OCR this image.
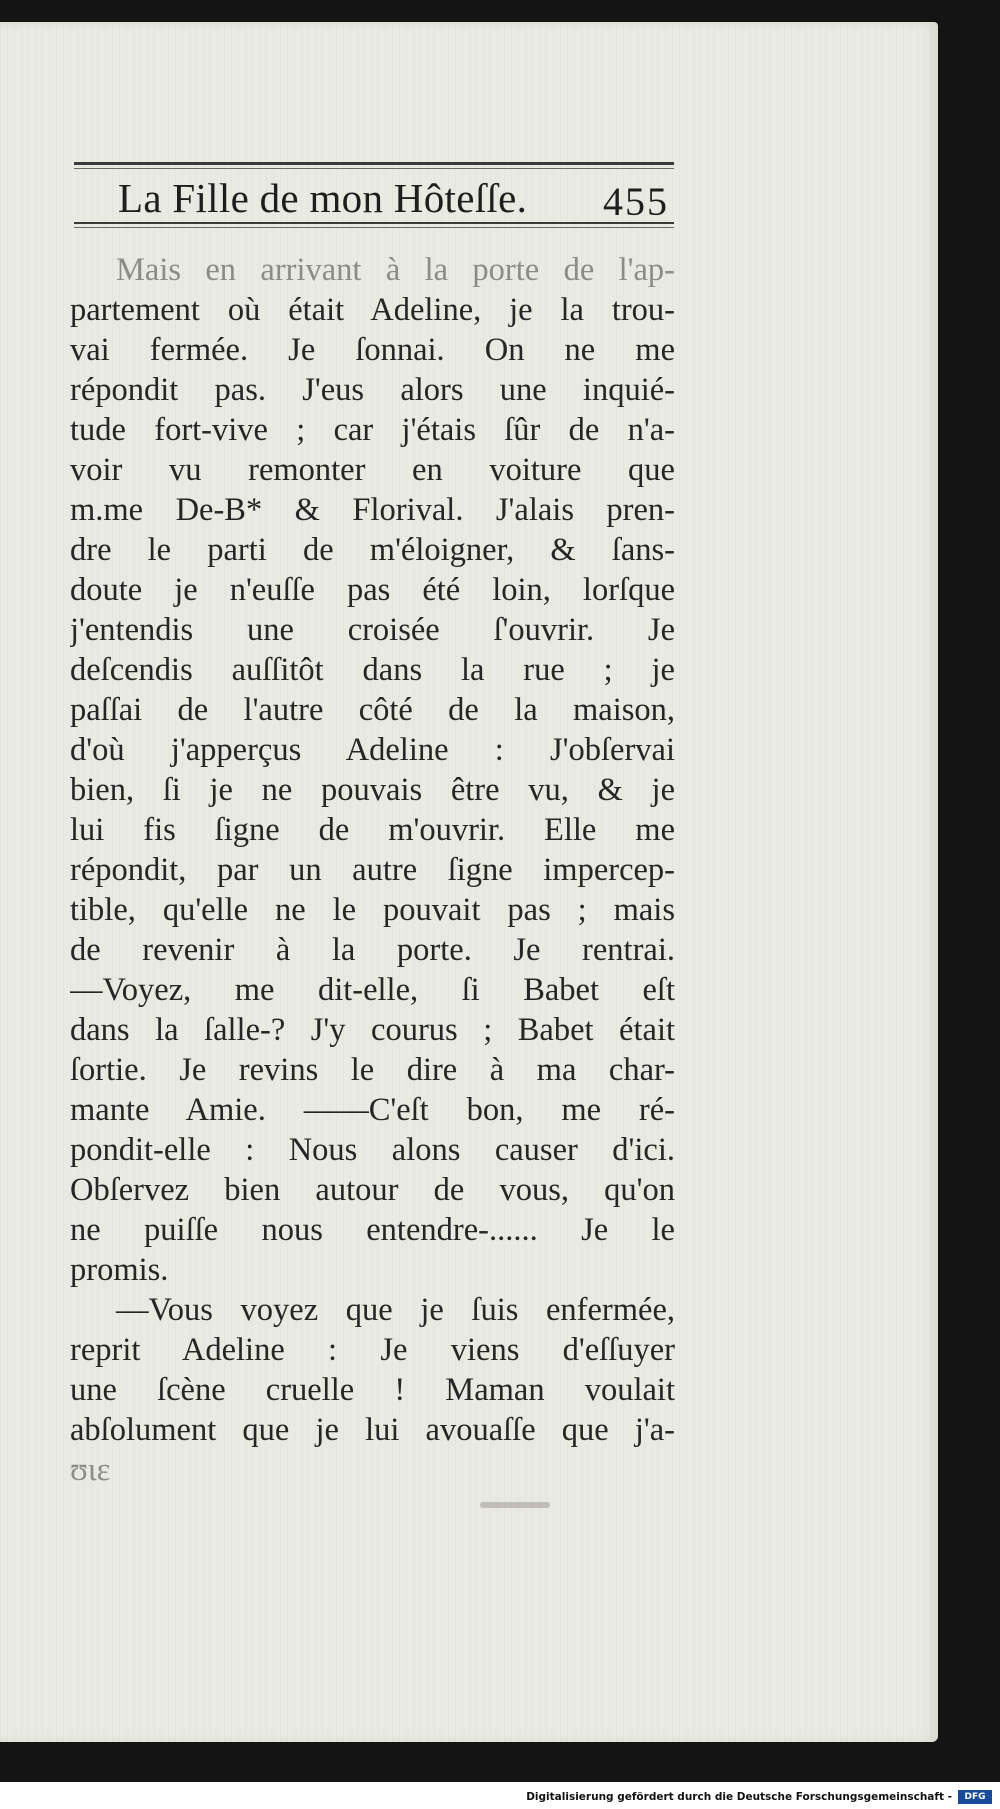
La Fille de mon Hôteſſe. 455
Mais en arrivant à la porte de l'ap-
partement où était Adeline, je la trou-
vai fermée. Je ſonnai. On ne me
répondit pas. J'eus alors une inquié-
tude fort-vive ; car j'étais ſûr de n'a-
voir vu remonter en voiture que
m.me De-B* & Florival. J'alais pren-
dre le parti de m'éloigner, & ſans-
doute je n'euſſe pas été loin, lorſque
j'entendis une croisée ſ'ouvrir. Je
deſcendis auſſitôt dans la rue ; je
paſſai de l'autre côté de la maison,
d'où j'apperçus Adeline : J'obſervai
bien, ſi je ne pouvais être vu, & je
lui fis ſigne de m'ouvrir. Elle me
répondit, par un autre ſigne impercep-
tible, qu'elle ne le pouvait pas ; mais
de revenir à la porte. Je rentrai.
—Voyez, me dit-elle, ſi Babet eſt
dans la ſalle-? J'y courus ; Babet était
ſortie. Je revins le dire à ma char-
mante Amie. ——C'eſt bon, me ré-
pondit-elle : Nous alons causer d'ici.
Obſervez bien autour de vous, qu'on
ne puiſſe nous entendre-...... Je le
promis.
—Vous voyez que je ſuis enfermée,
reprit Adeline : Je viens d'eſſuyer
une ſcène cruelle ! Maman voulait
abſolument que je lui avouaſſe que j'a-
ʊιε
Digitalisierung gefördert durch die Deutsche Forschungsgemeinschaft -	DFG
